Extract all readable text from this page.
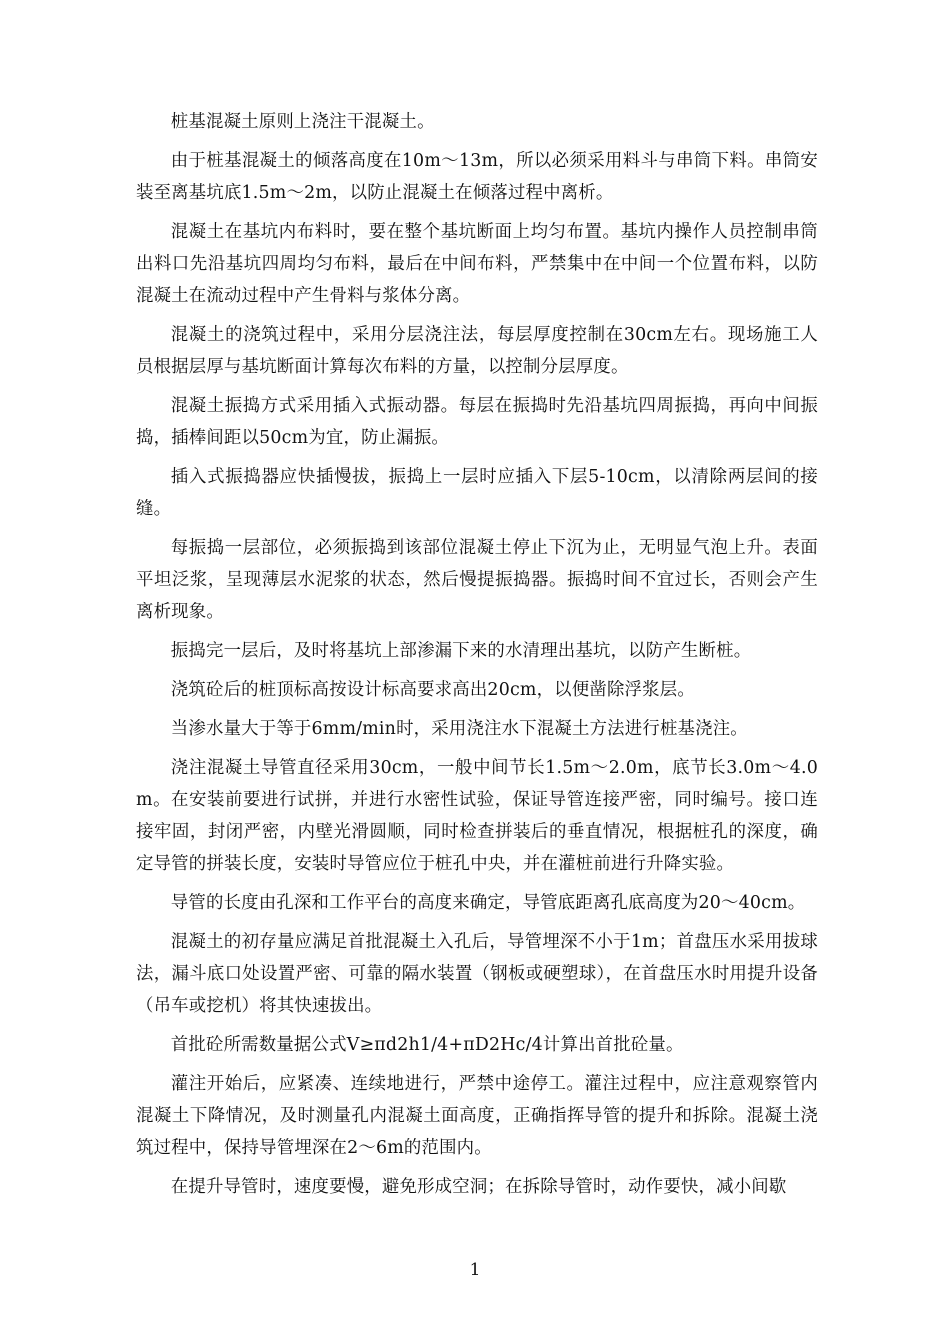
桩基混凝土原则上浇注干混凝土。

由于桩基混凝土的倾落高度在10m～13m，所以必须采用料斗与串筒下料。串筒安装至离基坑底1.5m～2m，以防止混凝土在倾落过程中离析。

混凝土在基坑内布料时，要在整个基坑断面上均匀布置。基坑内操作人员控制串筒出料口先沿基坑四周均匀布料，最后在中间布料，严禁集中在中间一个位置布料，以防混凝土在流动过程中产生骨料与浆体分离。

混凝土的浇筑过程中，采用分层浇注法，每层厚度控制在30cm左右。现场施工人员根据层厚与基坑断面计算每次布料的方量，以控制分层厚度。

混凝土振捣方式采用插入式振动器。每层在振捣时先沿基坑四周振捣，再向中间振捣，插棒间距以50cm为宜，防止漏振。

插入式振捣器应快插慢拔，振捣上一层时应插入下层5-10cm，以清除两层间的接缝。

每振捣一层部位，必须振捣到该部位混凝土停止下沉为止，无明显气泡上升。表面平坦泛浆，呈现薄层水泥浆的状态，然后慢提振捣器。振捣时间不宜过长，否则会产生离析现象。

振捣完一层后，及时将基坑上部渗漏下来的水清理出基坑，以防产生断桩。

浇筑砼后的桩顶标高按设计标高要求高出20cm，以便凿除浮浆层。

当渗水量大于等于6mm/min时，采用浇注水下混凝土方法进行桩基浇注。

浇注混凝土导管直径采用30cm，一般中间节长1.5m～2.0m，底节长3.0m～4.0m。在安装前要进行试拼，并进行水密性试验，保证导管连接严密，同时编号。接口连接牢固，封闭严密，内壁光滑圆顺，同时检查拼装后的垂直情况，根据桩孔的深度，确定导管的拼装长度，安装时导管应位于桩孔中央，并在灌桩前进行升降实验。

导管的长度由孔深和工作平台的高度来确定，导管底距离孔底高度为20～40cm。

混凝土的初存量应满足首批混凝土入孔后，导管埋深不小于1m；首盘压水采用拔球法，漏斗底口处设置严密、可靠的隔水装置（钢板或硬塑球），在首盘压水时用提升设备（吊车或挖机）将其快速拔出。

首批砼所需数量据公式V≥πd2h1/4+πD2Hc/4计算出首批砼量。

灌注开始后，应紧凑、连续地进行，严禁中途停工。灌注过程中，应注意观察管内混凝土下降情况，及时测量孔内混凝土面高度，正确指挥导管的提升和拆除。混凝土浇筑过程中，保持导管埋深在2～6m的范围内。

在提升导管时，速度要慢，避免形成空洞；在拆除导管时，动作要快，减小间歇

1
